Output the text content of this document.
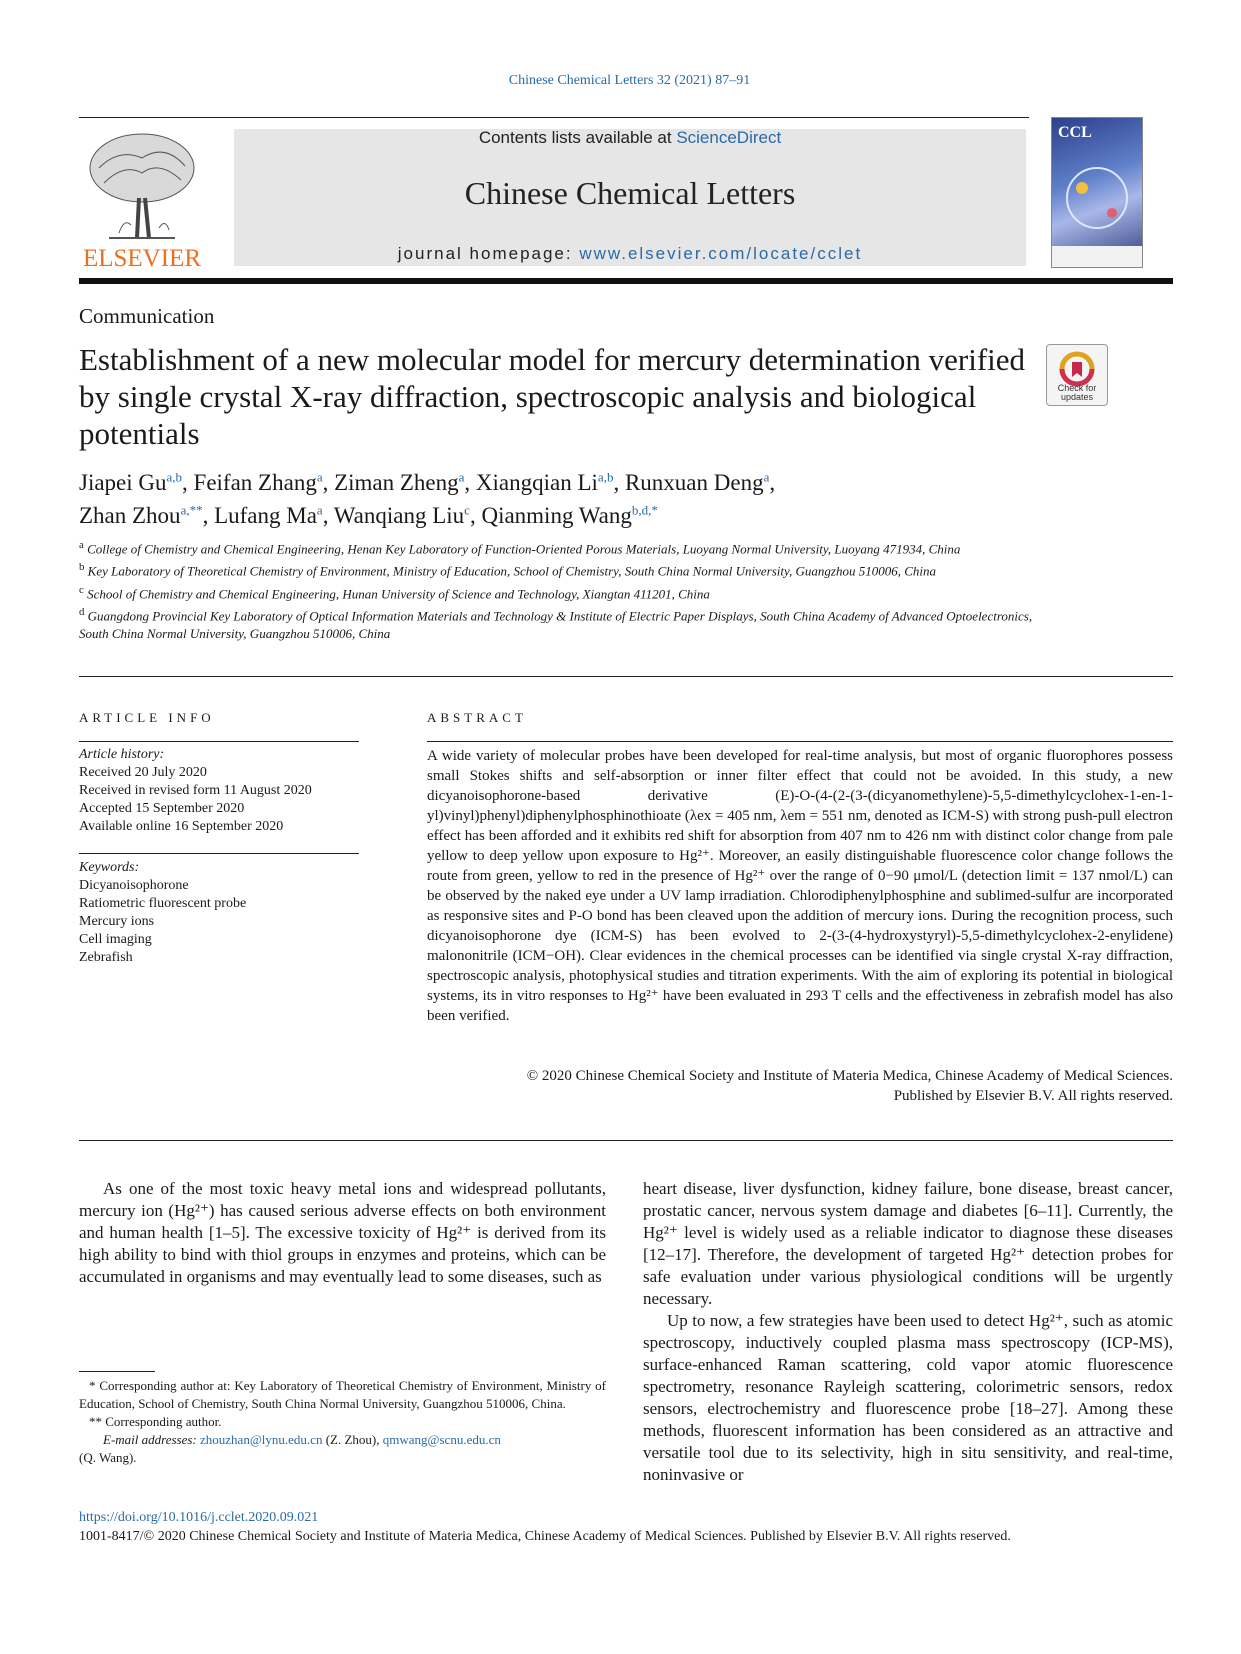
Chinese Chemical Letters 32 (2021) 87–91
ELSEVIER
Contents lists available at ScienceDirect
Chinese Chemical Letters
journal homepage: www.elsevier.com/locate/cclet
CCL
Communication
Establishment of a new molecular model for mercury determination verified by single crystal X-ray diffraction, spectroscopic analysis and biological potentials
Check for updates
Jiapei Gu$^{a,b}$, Feifan Zhang$^a$, Ziman Zheng$^a$, Xiangqian Li$^{a,b}$, Runxuan Deng$^a$,
Zhan Zhou$^{a,**}$, Lufang Ma$^a$, Wanqiang Liu$^c$, Qianming Wang$^{b,d,*}$
$^a$ College of Chemistry and Chemical Engineering, Henan Key Laboratory of Function-Oriented Porous Materials, Luoyang Normal University, Luoyang 471934, China
$^b$ Key Laboratory of Theoretical Chemistry of Environment, Ministry of Education, School of Chemistry, South China Normal University, Guangzhou 510006, China
$^c$ School of Chemistry and Chemical Engineering, Hunan University of Science and Technology, Xiangtan 411201, China
$^d$ Guangdong Provincial Key Laboratory of Optical Information Materials and Technology & Institute of Electric Paper Displays, South China Academy of Advanced Optoelectronics, South China Normal University, Guangzhou 510006, China
ARTICLE INFO
Article history:
Received 20 July 2020
Received in revised form 11 August 2020
Accepted 15 September 2020
Available online 16 September 2020
Keywords:
Dicyanoisophorone
Ratiometric fluorescent probe
Mercury ions
Cell imaging
Zebrafish
ABSTRACT
A wide variety of molecular probes have been developed for real-time analysis, but most of organic fluorophores possess small Stokes shifts and self-absorption or inner filter effect that could not be avoided. In this study, a new dicyanoisophorone-based derivative (E)-O-(4-(2-(3-(dicyanomethylene)-5,5-dimethylcyclohex-1-en-1-yl)vinyl)phenyl)diphenylphosphinothioate (λex = 405 nm, λem = 551 nm, denoted as ICM-S) with strong push-pull electron effect has been afforded and it exhibits red shift for absorption from 407 nm to 426 nm with distinct color change from pale yellow to deep yellow upon exposure to Hg²⁺. Moreover, an easily distinguishable fluorescence color change follows the route from green, yellow to red in the presence of Hg²⁺ over the range of 0−90 μmol/L (detection limit = 137 nmol/L) can be observed by the naked eye under a UV lamp irradiation. Chlorodiphenylphosphine and sublimed-sulfur are incorporated as responsive sites and P-O bond has been cleaved upon the addition of mercury ions. During the recognition process, such dicyanoisophorone dye (ICM-S) has been evolved to 2-(3-(4-hydroxystyryl)-5,5-dimethylcyclohex-2-enylidene) malononitrile (ICM−OH). Clear evidences in the chemical processes can be identified via single crystal X-ray diffraction, spectroscopic analysis, photophysical studies and titration experiments. With the aim of exploring its potential in biological systems, its in vitro responses to Hg²⁺ have been evaluated in 293 T cells and the effectiveness in zebrafish model has also been verified.
© 2020 Chinese Chemical Society and Institute of Materia Medica, Chinese Academy of Medical Sciences.
Published by Elsevier B.V. All rights reserved.

As one of the most toxic heavy metal ions and widespread pollutants, mercury ion (Hg²⁺) has caused serious adverse effects on both environment and human health [1–5]. The excessive toxicity of Hg²⁺ is derived from its high ability to bind with thiol groups in enzymes and proteins, which can be accumulated in organisms and may eventually lead to some diseases, such as

heart disease, liver dysfunction, kidney failure, bone disease, breast cancer, prostatic cancer, nervous system damage and diabetes [6–11]. Currently, the Hg²⁺ level is widely used as a reliable indicator to diagnose these diseases [12–17]. Therefore, the development of targeted Hg²⁺ detection probes for safe evaluation under various physiological conditions will be urgently necessary.

Up to now, a few strategies have been used to detect Hg²⁺, such as atomic spectroscopy, inductively coupled plasma mass spectroscopy (ICP-MS), surface-enhanced Raman scattering, cold vapor atomic fluorescence spectrometry, resonance Rayleigh scattering, colorimetric sensors, redox sensors, electrochemistry and fluorescence probe [18–27]. Among these methods, fluorescent information has been considered as an attractive and versatile tool due to its selectivity, high in situ sensitivity, and real-time, noninvasive or

* Corresponding author at: Key Laboratory of Theoretical Chemistry of Environment, Ministry of Education, School of Chemistry, South China Normal University, Guangzhou 510006, China.
** Corresponding author.
E-mail addresses: zhouzhan@lynu.edu.cn (Z. Zhou), qmwang@scnu.edu.cn
(Q. Wang).
https://doi.org/10.1016/j.cclet.2020.09.021
1001-8417/© 2020 Chinese Chemical Society and Institute of Materia Medica, Chinese Academy of Medical Sciences. Published by Elsevier B.V. All rights reserved.
